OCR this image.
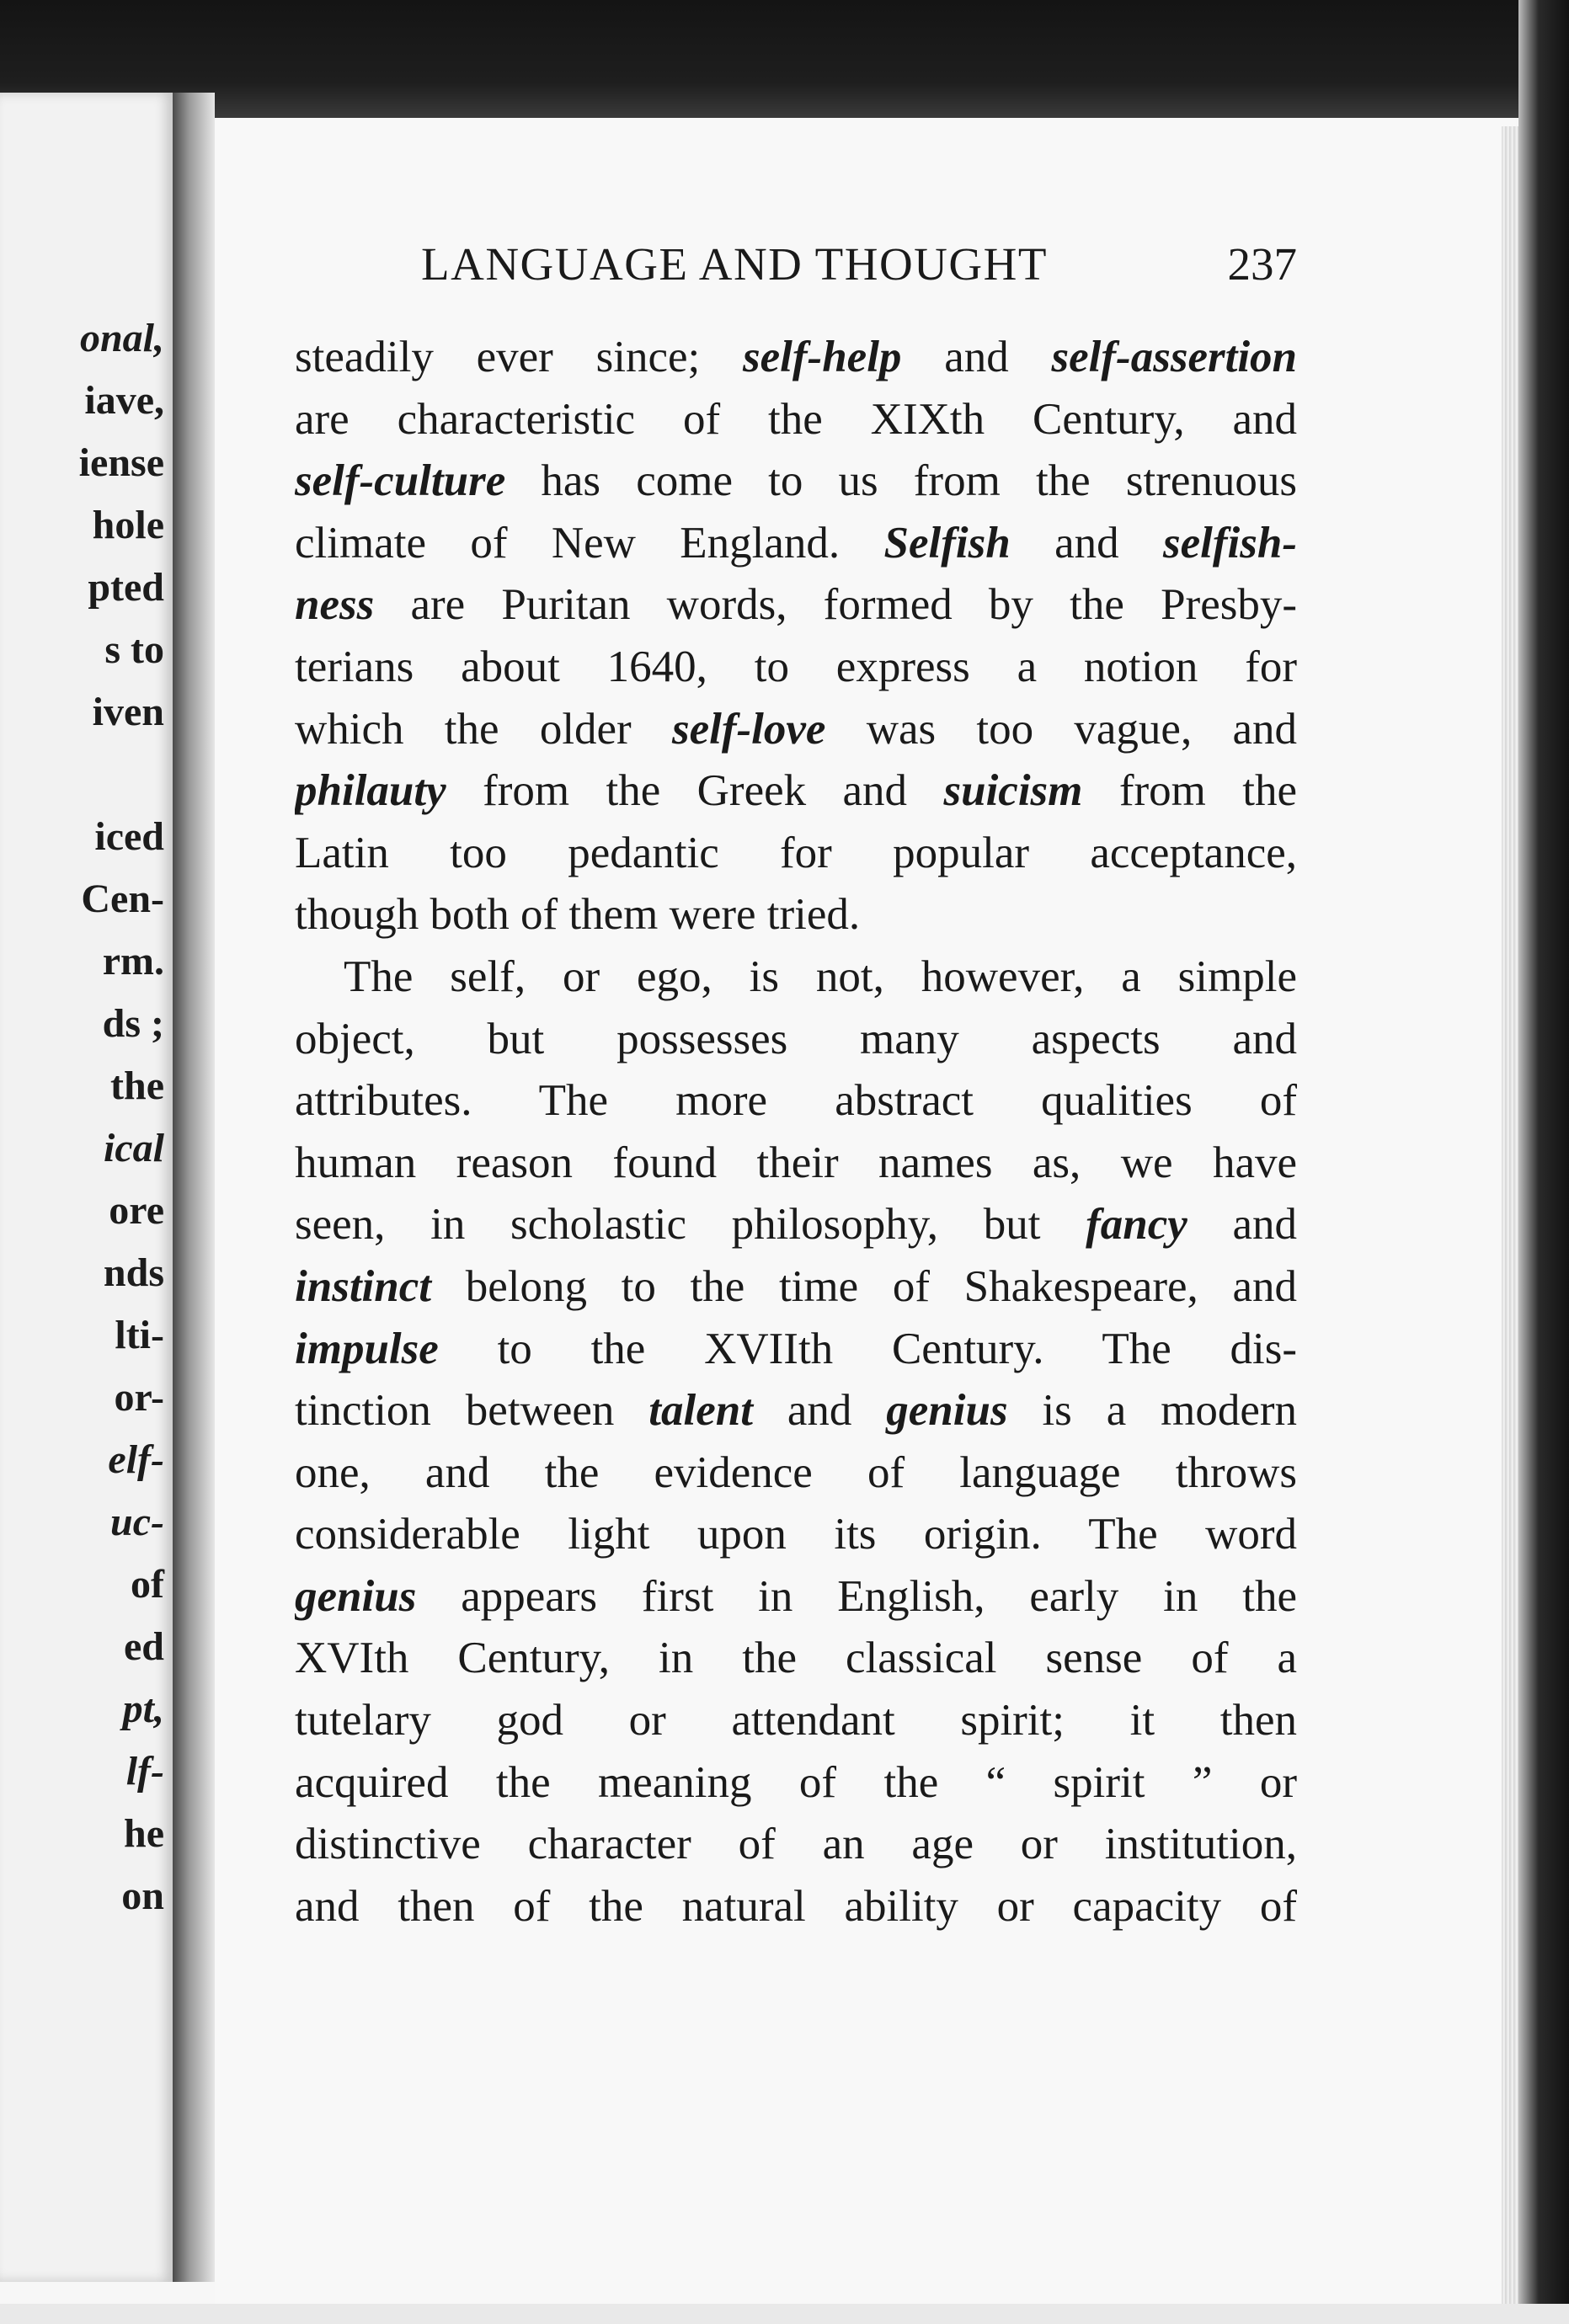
onal,
iave,
iense
hole
pted
s to
iven
iced
Cen-
rm.
ds ;
the
ical
ore
nds
lti-
or-
elf-
uc-
of
ed
pt,
lf-
he
on
LANGUAGE AND THOUGHT	237
steadily ever since; self-help and self-assertion
are characteristic of the XIXth Century, and
self-culture has come to us from the strenuous
climate of New England. Selfish and selfish-
ness are Puritan words, formed by the Presby-
terians about 1640, to express a notion for
which the older self-love was too vague, and
philauty from the Greek and suicism from the
Latin too pedantic for popular acceptance,
though both of them were tried.
The self, or ego, is not, however, a simple
object, but possesses many aspects and
attributes. The more abstract qualities of
human reason found their names as, we have
seen, in scholastic philosophy, but fancy and
instinct belong to the time of Shakespeare, and
impulse to the XVIIth Century. The dis-
tinction between talent and genius is a modern
one, and the evidence of language throws
considerable light upon its origin. The word
genius appears first in English, early in the
XVIth Century, in the classical sense of a
tutelary god or attendant spirit; it then
acquired the meaning of the “ spirit ” or
distinctive character of an age or institution,
and then of the natural ability or capacity of
